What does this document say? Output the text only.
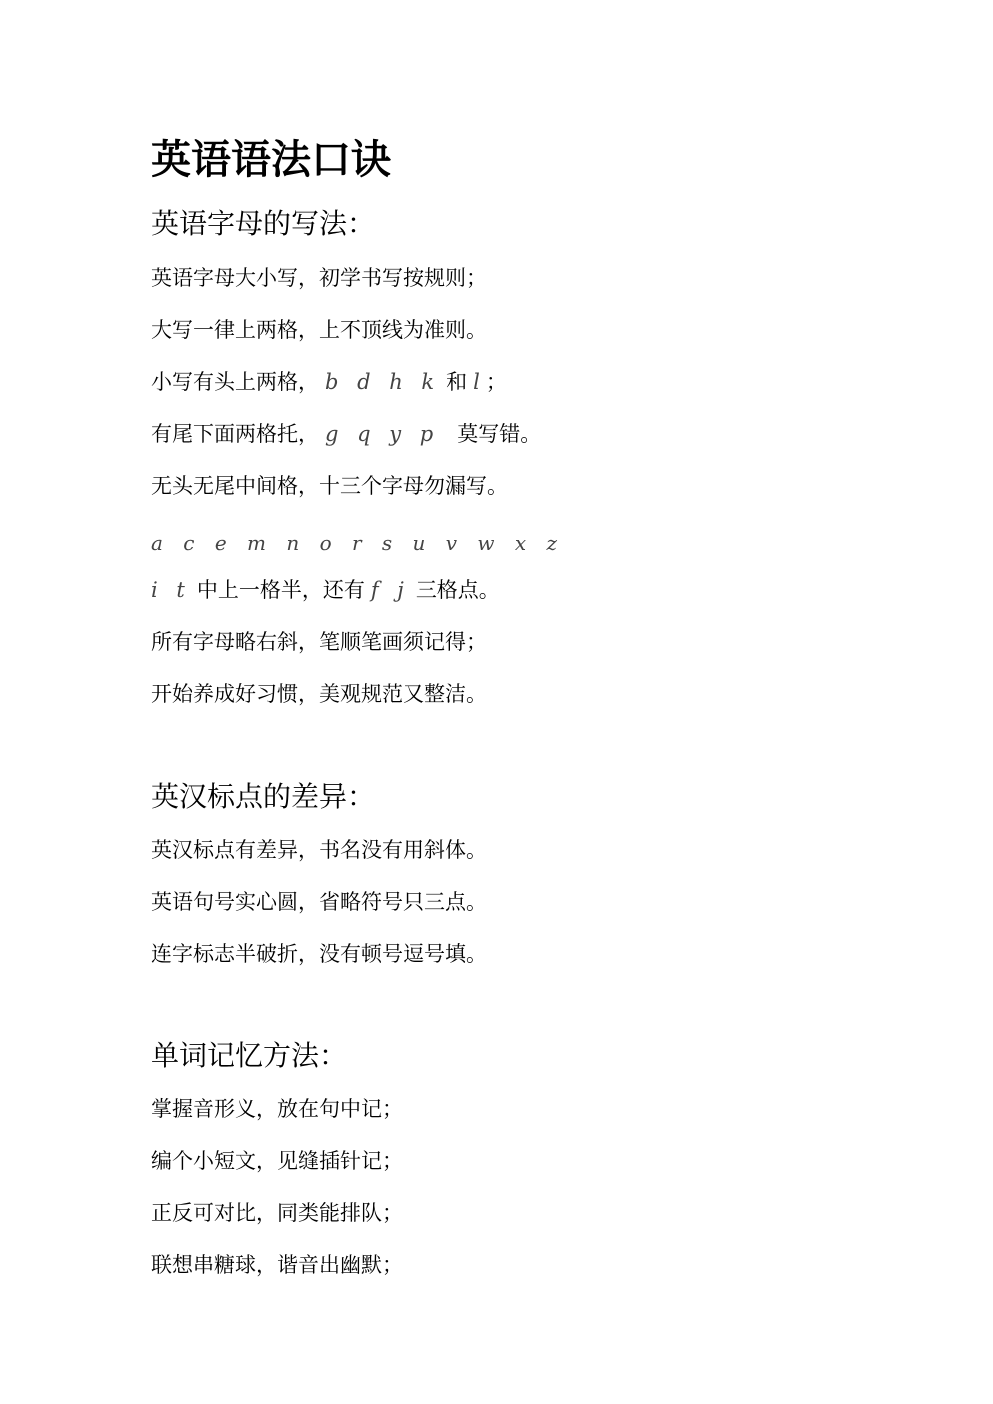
英语语法口诀
英语字母的写法：
英语字母大小写，初学书写按规则；
大写一律上两格，上不顶线为准则。
小写有头上两格， b d h k 和 l；
有尾下面两格托， g q y p 莫写错。
无头无尾中间格，十三个字母勿漏写。
a c e m n o r s u v w x z
i t 中上一格半，还有 f j 三格点。
所有字母略右斜，笔顺笔画须记得；
开始养成好习惯，美观规范又整洁。
英汉标点的差异：
英汉标点有差异，书名没有用斜体。
英语句号实心圆，省略符号只三点。
连字标志半破折，没有顿号逗号填。
单词记忆方法：
掌握音形义，放在句中记；
编个小短文，见缝插针记；
正反可对比，同类能排队；
联想串糖球，谐音出幽默；
